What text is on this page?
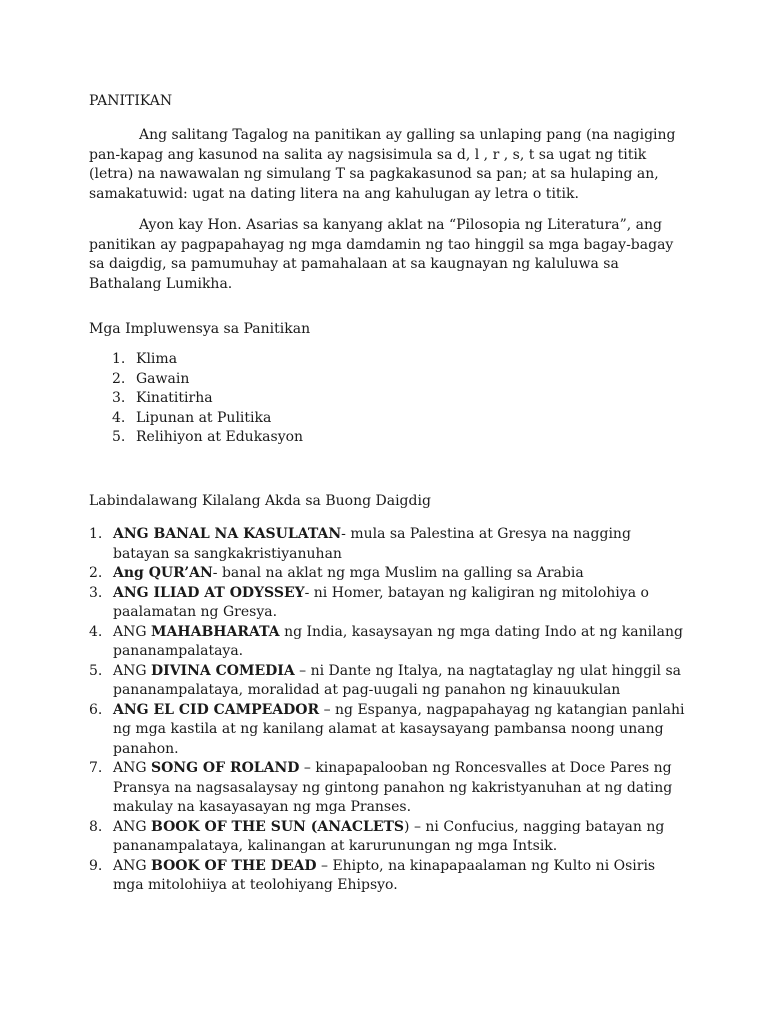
PANITIKAN

Ang salitang Tagalog na panitikan ay galling sa unlaping pang (na nagiging pan-kapag ang kasunod na salita ay nagsisimula sa d, l , r , s, t sa ugat ng titik (letra) na nawawalan ng simulang T sa pagkakasunod sa pan; at sa hulaping an, samakatuwid: ugat na dating litera na ang kahulugan ay letra o titik.

Ayon kay Hon. Asarias sa kanyang aklat na “Pilosopia ng Literatura”, ang panitikan ay pagpapahayag ng mga damdamin ng tao hinggil sa mga bagay-bagay sa daigdig, sa pamumuhay at pamahalaan at sa kaugnayan ng kaluluwa sa Bathalang Lumikha.

Mga Impluwensya sa Panitikan
1. Klima
2. Gawain
3. Kinatitirha
4. Lipunan at Pulitika
5. Relihiyon at Edukasyon
Labindalawang Kilalang Akda sa Buong Daigdig
1. ANG BANAL NA KASULATAN- mula sa Palestina at Gresya na nagging batayan sa sangkakristiyanuhan
2. Ang QUR’AN- banal na aklat ng mga Muslim na galling sa Arabia
3. ANG ILIAD AT ODYSSEY- ni Homer, batayan ng kaligiran ng mitolohiya o paalamatan ng Gresya.
4. ANG MAHABHARATA ng India, kasaysayan ng mga dating Indo at ng kanilang pananampalataya.
5. ANG DIVINA COMEDIA – ni Dante ng Italya, na nagtataglay ng ulat hinggil sa pananampalataya, moralidad at pag-uugali ng panahon ng kinauukulan
6. ANG EL CID CAMPEADOR – ng Espanya, nagpapahayag ng katangian panlahi ng mga kastila at ng kanilang alamat at kasaysayang pambansa noong unang panahon.
7. ANG SONG OF ROLAND – kinapapalooban ng Roncesvalles at Doce Pares ng Pransya na nagsasalaysay ng gintong panahon ng kakristyanuhan at ng dating makulay na kasayasayan ng mga Pranses.
8. ANG BOOK OF THE SUN (ANACLETS) – ni Confucius, nagging batayan ng pananampalataya, kalinangan at karurunungan ng mga Intsik.
9. ANG BOOK OF THE DEAD – Ehipto, na kinapapaalaman ng Kulto ni Osiris mga mitolohiiya at teolohiyang Ehipsyo.
